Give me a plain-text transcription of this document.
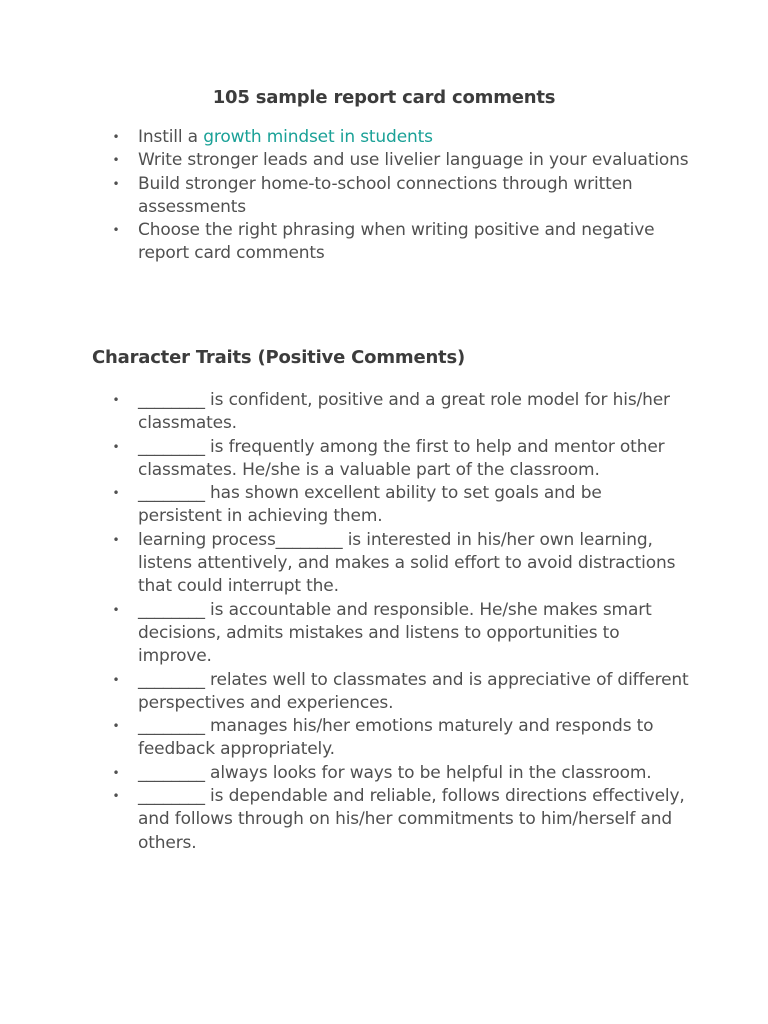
105 sample report card comments
• Instill a growth mindset in students
• Write stronger leads and use livelier language in your evaluations
• Build stronger home-to-school connections through written assessments
• Choose the right phrasing when writing positive and negative report card comments
Character Traits (Positive Comments)
• ________ is confident, positive and a great role model for his/her classmates.
• ________ is frequently among the first to help and mentor other classmates. He/she is a valuable part of the classroom.
• ________ has shown excellent ability to set goals and be persistent in achieving them.
• learning process________ is interested in his/her own learning, listens attentively, and makes a solid effort to avoid distractions that could interrupt the.
• ________ is accountable and responsible. He/she makes smart decisions, admits mistakes and listens to opportunities to improve.
• ________ relates well to classmates and is appreciative of different perspectives and experiences.
• ________ manages his/her emotions maturely and responds to feedback appropriately.
• ________ always looks for ways to be helpful in the classroom.
• ________ is dependable and reliable, follows directions effectively, and follows through on his/her commitments to him/herself and others.
